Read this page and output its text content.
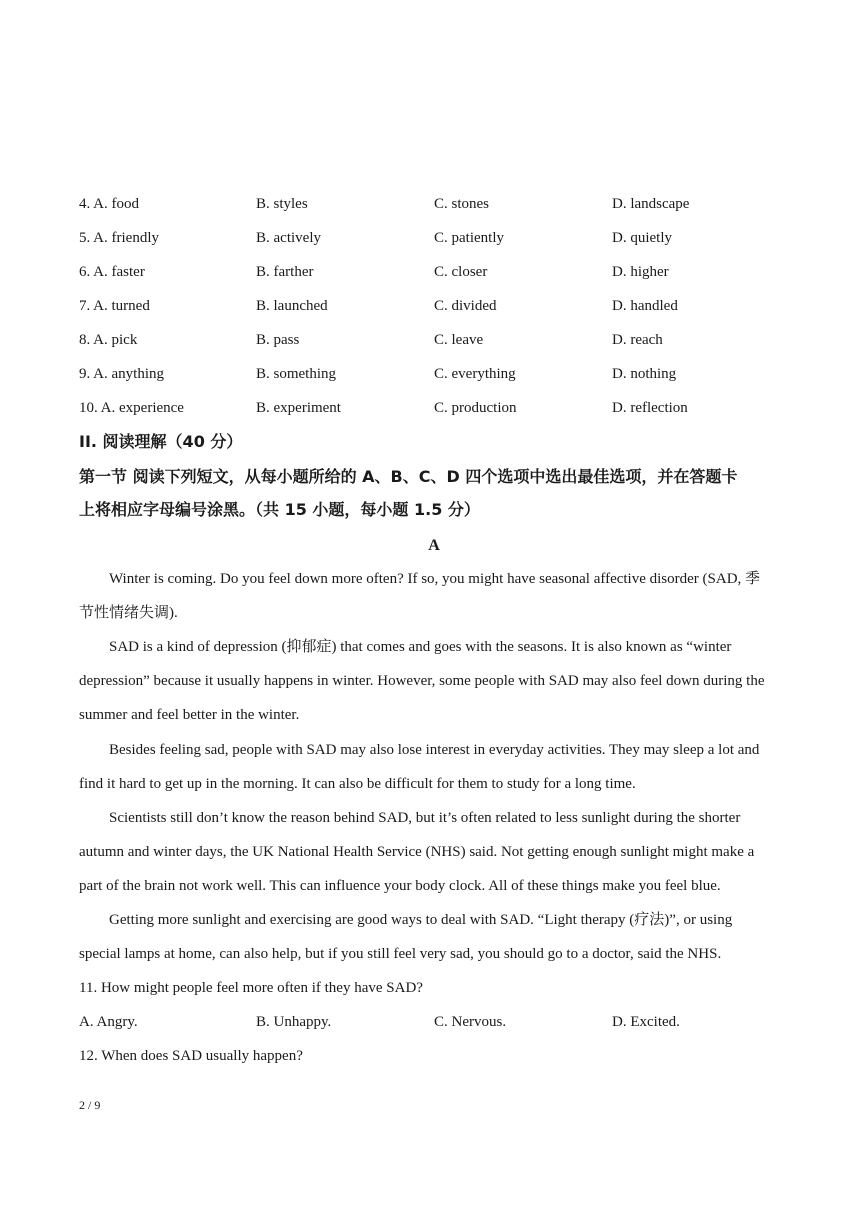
4. A. food	B. styles	C. stones	D. landscape
5. A. friendly	B. actively	C. patiently	D. quietly
6. A. faster	B. farther	C. closer	D. higher
7. A. turned	B. launched	C. divided	D. handled
8. A. pick	B. pass	C. leave	D. reach
9. A. anything	B. something	C. everything	D. nothing
10. A. experience	B. experiment	C. production	D. reflection
II. 阅读理解（40 分）
第一节 阅读下列短文，从每小题所给的 A、B、C、D 四个选项中选出最佳选项，并在答题卡
上将相应字母编号涂黑。（共 15 小题，每小题 1.5 分）
A
Winter is coming. Do you feel down more often? If so, you might have seasonal affective disorder (SAD, 季
节性情绪失调).
SAD is a kind of depression (抑郁症) that comes and goes with the seasons. It is also known as “winter
depression” because it usually happens in winter. However, some people with SAD may also feel down during the
summer and feel better in the winter.
Besides feeling sad, people with SAD may also lose interest in everyday activities. They may sleep a lot and
find it hard to get up in the morning. It can also be difficult for them to study for a long time.
Scientists still don’t know the reason behind SAD, but it’s often related to less sunlight during the shorter
autumn and winter days, the UK National Health Service (NHS) said. Not getting enough sunlight might make a
part of the brain not work well. This can influence your body clock. All of these things make you feel blue.
Getting more sunlight and exercising are good ways to deal with SAD. “Light therapy (疗法)”, or using
special lamps at home, can also help, but if you still feel very sad, you should go to a doctor, said the NHS.
11. How might people feel more often if they have SAD?
A. Angry.	B. Unhappy.	C. Nervous.	D. Excited.
12. When does SAD usually happen?
2 / 9
